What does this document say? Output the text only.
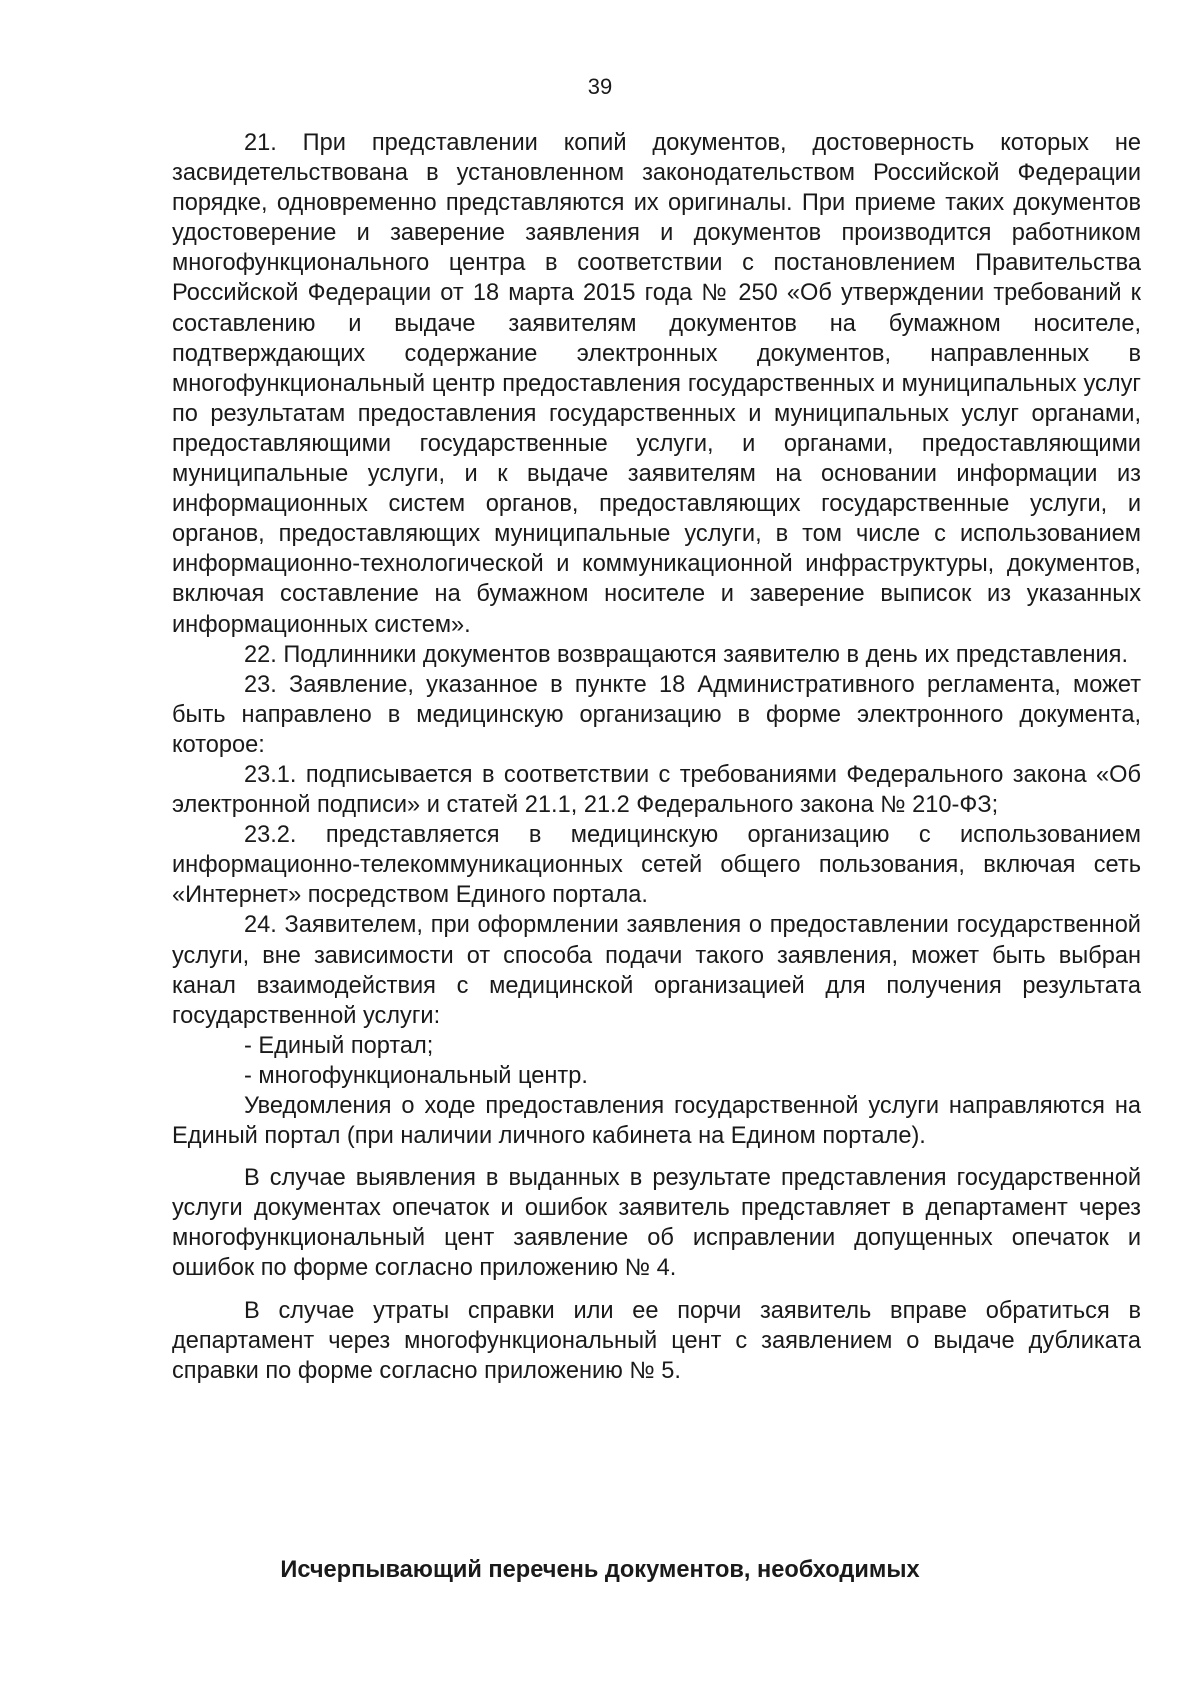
39

21. При представлении копий документов, достоверность которых не засвидетельствована в установленном законодательством Российской Федерации порядке, одновременно представляются их оригиналы. При приеме таких документов удостоверение и заверение заявления и документов производится работником многофункционального центра в соответствии с постановлением Правительства Российской Федерации от 18 марта 2015 года № 250 «Об утверждении требований к составлению и выдаче заявителям документов на бумажном носителе, подтверждающих содержание электронных документов, направленных в многофункциональный центр предоставления государственных и муниципальных услуг по результатам предоставления государственных и муниципальных услуг органами, предоставляющими государственные услуги, и органами, предоставляющими муниципальные услуги, и к выдаче заявителям на основании информации из информационных систем органов, предоставляющих государственные услуги, и органов, предоставляющих муниципальные услуги, в том числе с использованием информационно-технологической и коммуникационной инфраструктуры, документов, включая составление на бумажном носителе и заверение выписок из указанных информационных систем».

22. Подлинники документов возвращаются заявителю в день их представления.

23. Заявление, указанное в пункте 18 Административного регламента, может быть направлено в медицинскую организацию в форме электронного документа, которое:

23.1. подписывается в соответствии с требованиями Федерального закона «Об электронной подписи» и статей 21.1, 21.2 Федерального закона № 210-ФЗ;

23.2. представляется в медицинскую организацию с использованием информационно-телекоммуникационных сетей общего пользования, включая сеть «Интернет» посредством Единого портала.

24. Заявителем, при оформлении заявления о предоставлении государственной услуги, вне зависимости от способа подачи такого заявления, может быть выбран канал взаимодействия с медицинской организацией для получения результата государственной услуги:

- Единый портал;

- многофункциональный центр.

Уведомления о ходе предоставления государственной услуги направляются на Единый портал (при наличии личного кабинета на Едином портале).

В случае выявления в выданных в результате представления государственной услуги документах опечаток и ошибок заявитель представляет в департамент через многофункциональный цент заявление об исправлении допущенных опечаток и ошибок по форме согласно приложению № 4.

В случае утраты справки или ее порчи заявитель вправе обратиться в департамент через многофункциональный цент с заявлением о выдаче дубликата справки по форме согласно приложению № 5.

Исчерпывающий перечень документов, необходимых
